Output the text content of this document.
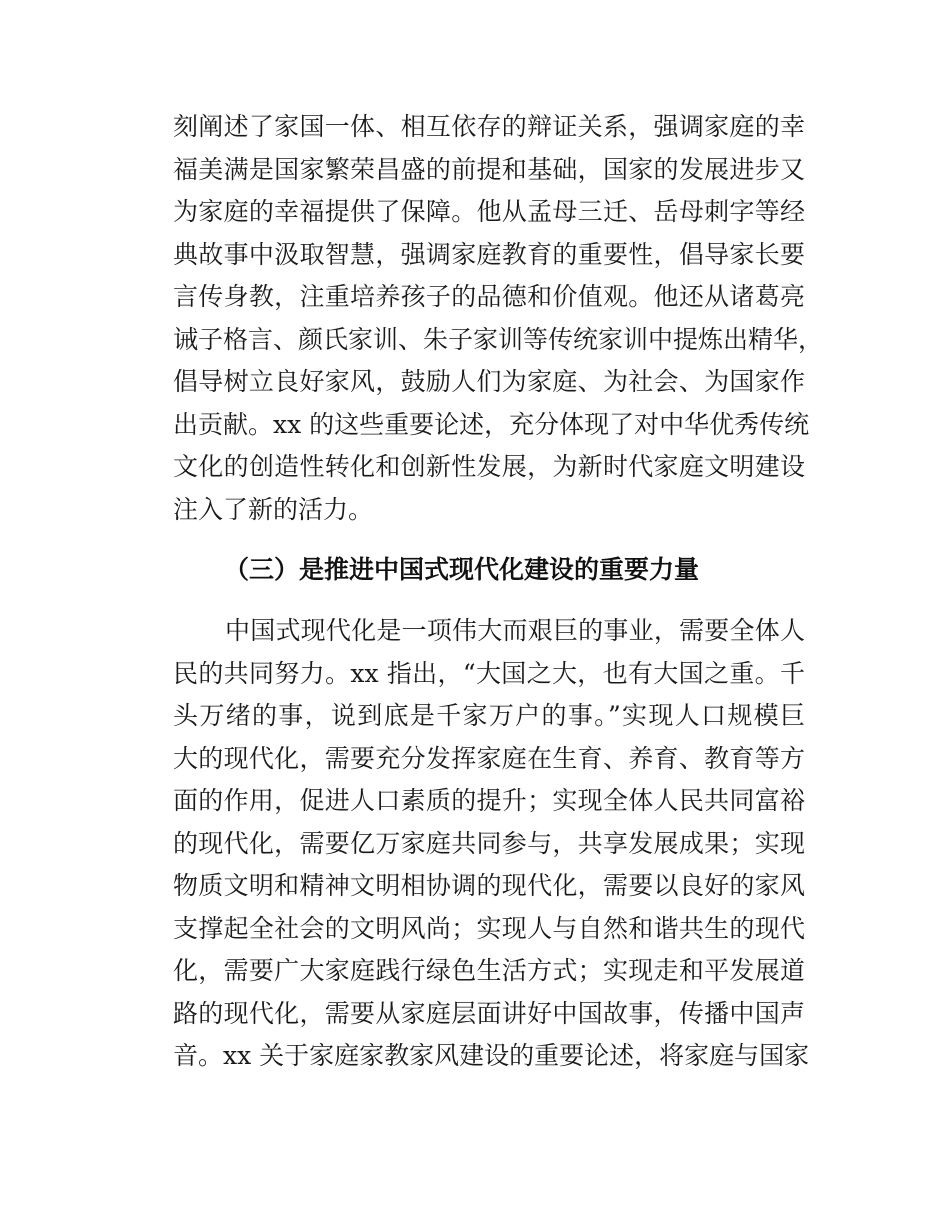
刻阐述了家国一体、相互依存的辩证关系，强调家庭的幸
福美满是国家繁荣昌盛的前提和基础，国家的发展进步又
为家庭的幸福提供了保障。他从孟母三迁、岳母刺字等经
典故事中汲取智慧，强调家庭教育的重要性，倡导家长要
言传身教，注重培养孩子的品德和价值观。他还从诸葛亮
诫子格言、颜氏家训、朱子家训等传统家训中提炼出精华，
倡导树立良好家风，鼓励人们为家庭、为社会、为国家作
出贡献。xx 的这些重要论述，充分体现了对中华优秀传统
文化的创造性转化和创新性发展，为新时代家庭文明建设
注入了新的活力。
（三）是推进中国式现代化建设的重要力量
中国式现代化是一项伟大而艰巨的事业，需要全体人
民的共同努力。xx 指出，“大国之大，也有大国之重。千
头万绪的事，说到底是千家万户的事。”实现人口规模巨
大的现代化，需要充分发挥家庭在生育、养育、教育等方
面的作用，促进人口素质的提升；实现全体人民共同富裕
的现代化，需要亿万家庭共同参与，共享发展成果；实现
物质文明和精神文明相协调的现代化，需要以良好的家风
支撑起全社会的文明风尚；实现人与自然和谐共生的现代
化，需要广大家庭践行绿色生活方式；实现走和平发展道
路的现代化，需要从家庭层面讲好中国故事，传播中国声
音。xx 关于家庭家教家风建设的重要论述，将家庭与国家
